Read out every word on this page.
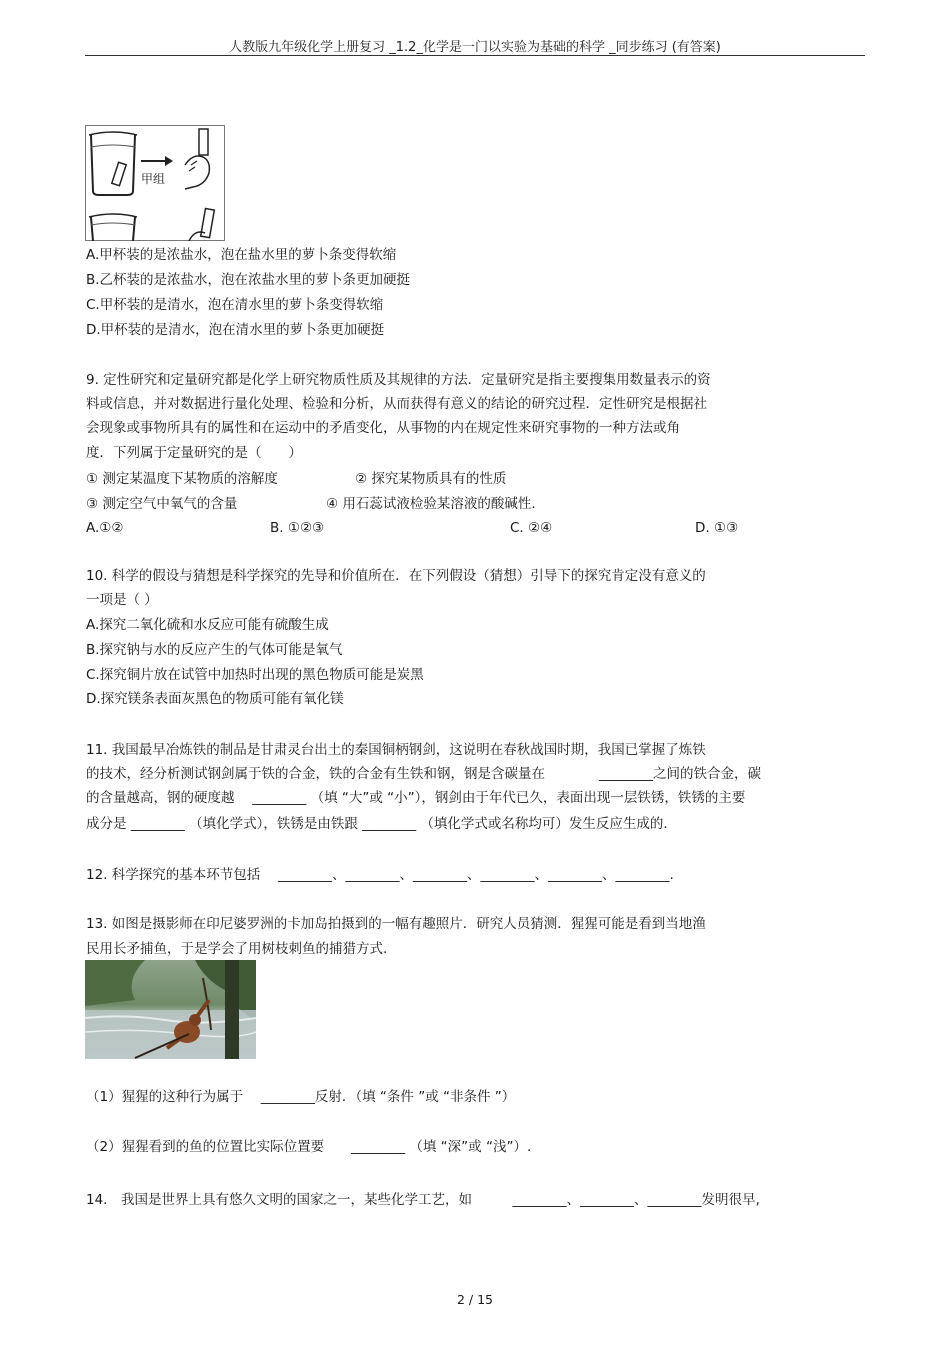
人教版九年级化学上册复习 _1.2_化学是一门以实验为基础的科学 _同步练习 (有答案)
甲组
A.甲杯装的是浓盐水，泡在盐水里的萝卜条变得软缩
B.乙杯装的是浓盐水，泡在浓盐水里的萝卜条更加硬挺
C.甲杯装的是清水，泡在清水里的萝卜条变得软缩
D.甲杯装的是清水，泡在清水里的萝卜条更加硬挺
9. 定性研究和定量研究都是化学上研究物质性质及其规律的方法．定量研究是指主要搜集用数量表示的资
料或信息，并对数据进行量化处理、检验和分析，从而获得有意义的结论的研究过程．定性研究是根据社
会现象或事物所具有的属性和在运动中的矛盾变化，从事物的内在规定性来研究事物的一种方法或角
度．下列属于定量研究的是（　　）
① 测定某温度下某物质的溶解度	② 探究某物质具有的性质
③ 测定空气中氧气的含量	④ 用石蕊试液检验某溶液的酸碱性.
A.①②	B. ①②③	C. ②④	D. ①③
10. 科学的假设与猜想是科学探究的先导和价值所在．在下列假设（猜想）引导下的探究肯定没有意义的
一项是（ ）
A.探究二氧化硫和水反应可能有硫酸生成
B.探究钠与水的反应产生的气体可能是氧气
C.探究铜片放在试管中加热时出现的黑色物质可能是炭黑
D.探究镁条表面灰黑色的物质可能有氧化镁
11. 我国最早冶炼铁的制品是甘肃灵台出土的秦国铜柄钢剑，这说明在春秋战国时期，我国已掌握了炼铁
的技术，经分析测试钢剑属于铁的合金，铁的合金有生铁和钢，钢是含碳量在　　　　________之间的铁合金，碳
的含量越高，钢的硬度越　 ________ （填 “大”或 “小”），钢剑由于年代已久，表面出现一层铁锈，铁锈的主要
成分是 ________ （填化学式），铁锈是由铁跟 ________ （填化学式或名称均可）发生反应生成的.
12. 科学探究的基本环节包括 　________、________、________、________、________、________.
13. 如图是摄影师在印尼婆罗洲的卡加岛拍摄到的一幅有趣照片．研究人员猜测．猩猩可能是看到当地渔
民用长矛捕鱼，于是学会了用树枝刺鱼的捕猎方式.
（1）猩猩的这种行为属于　 ________反射．（填 “条件 ”或 “非条件 ”）
（2）猩猩看到的鱼的位置比实际位置要　　________ （填 “深”或 “浅”）.
14.　我国是世界上具有悠久文明的国家之一，某些化学工艺，如　　　________、________、________发明很早,
2 / 15
